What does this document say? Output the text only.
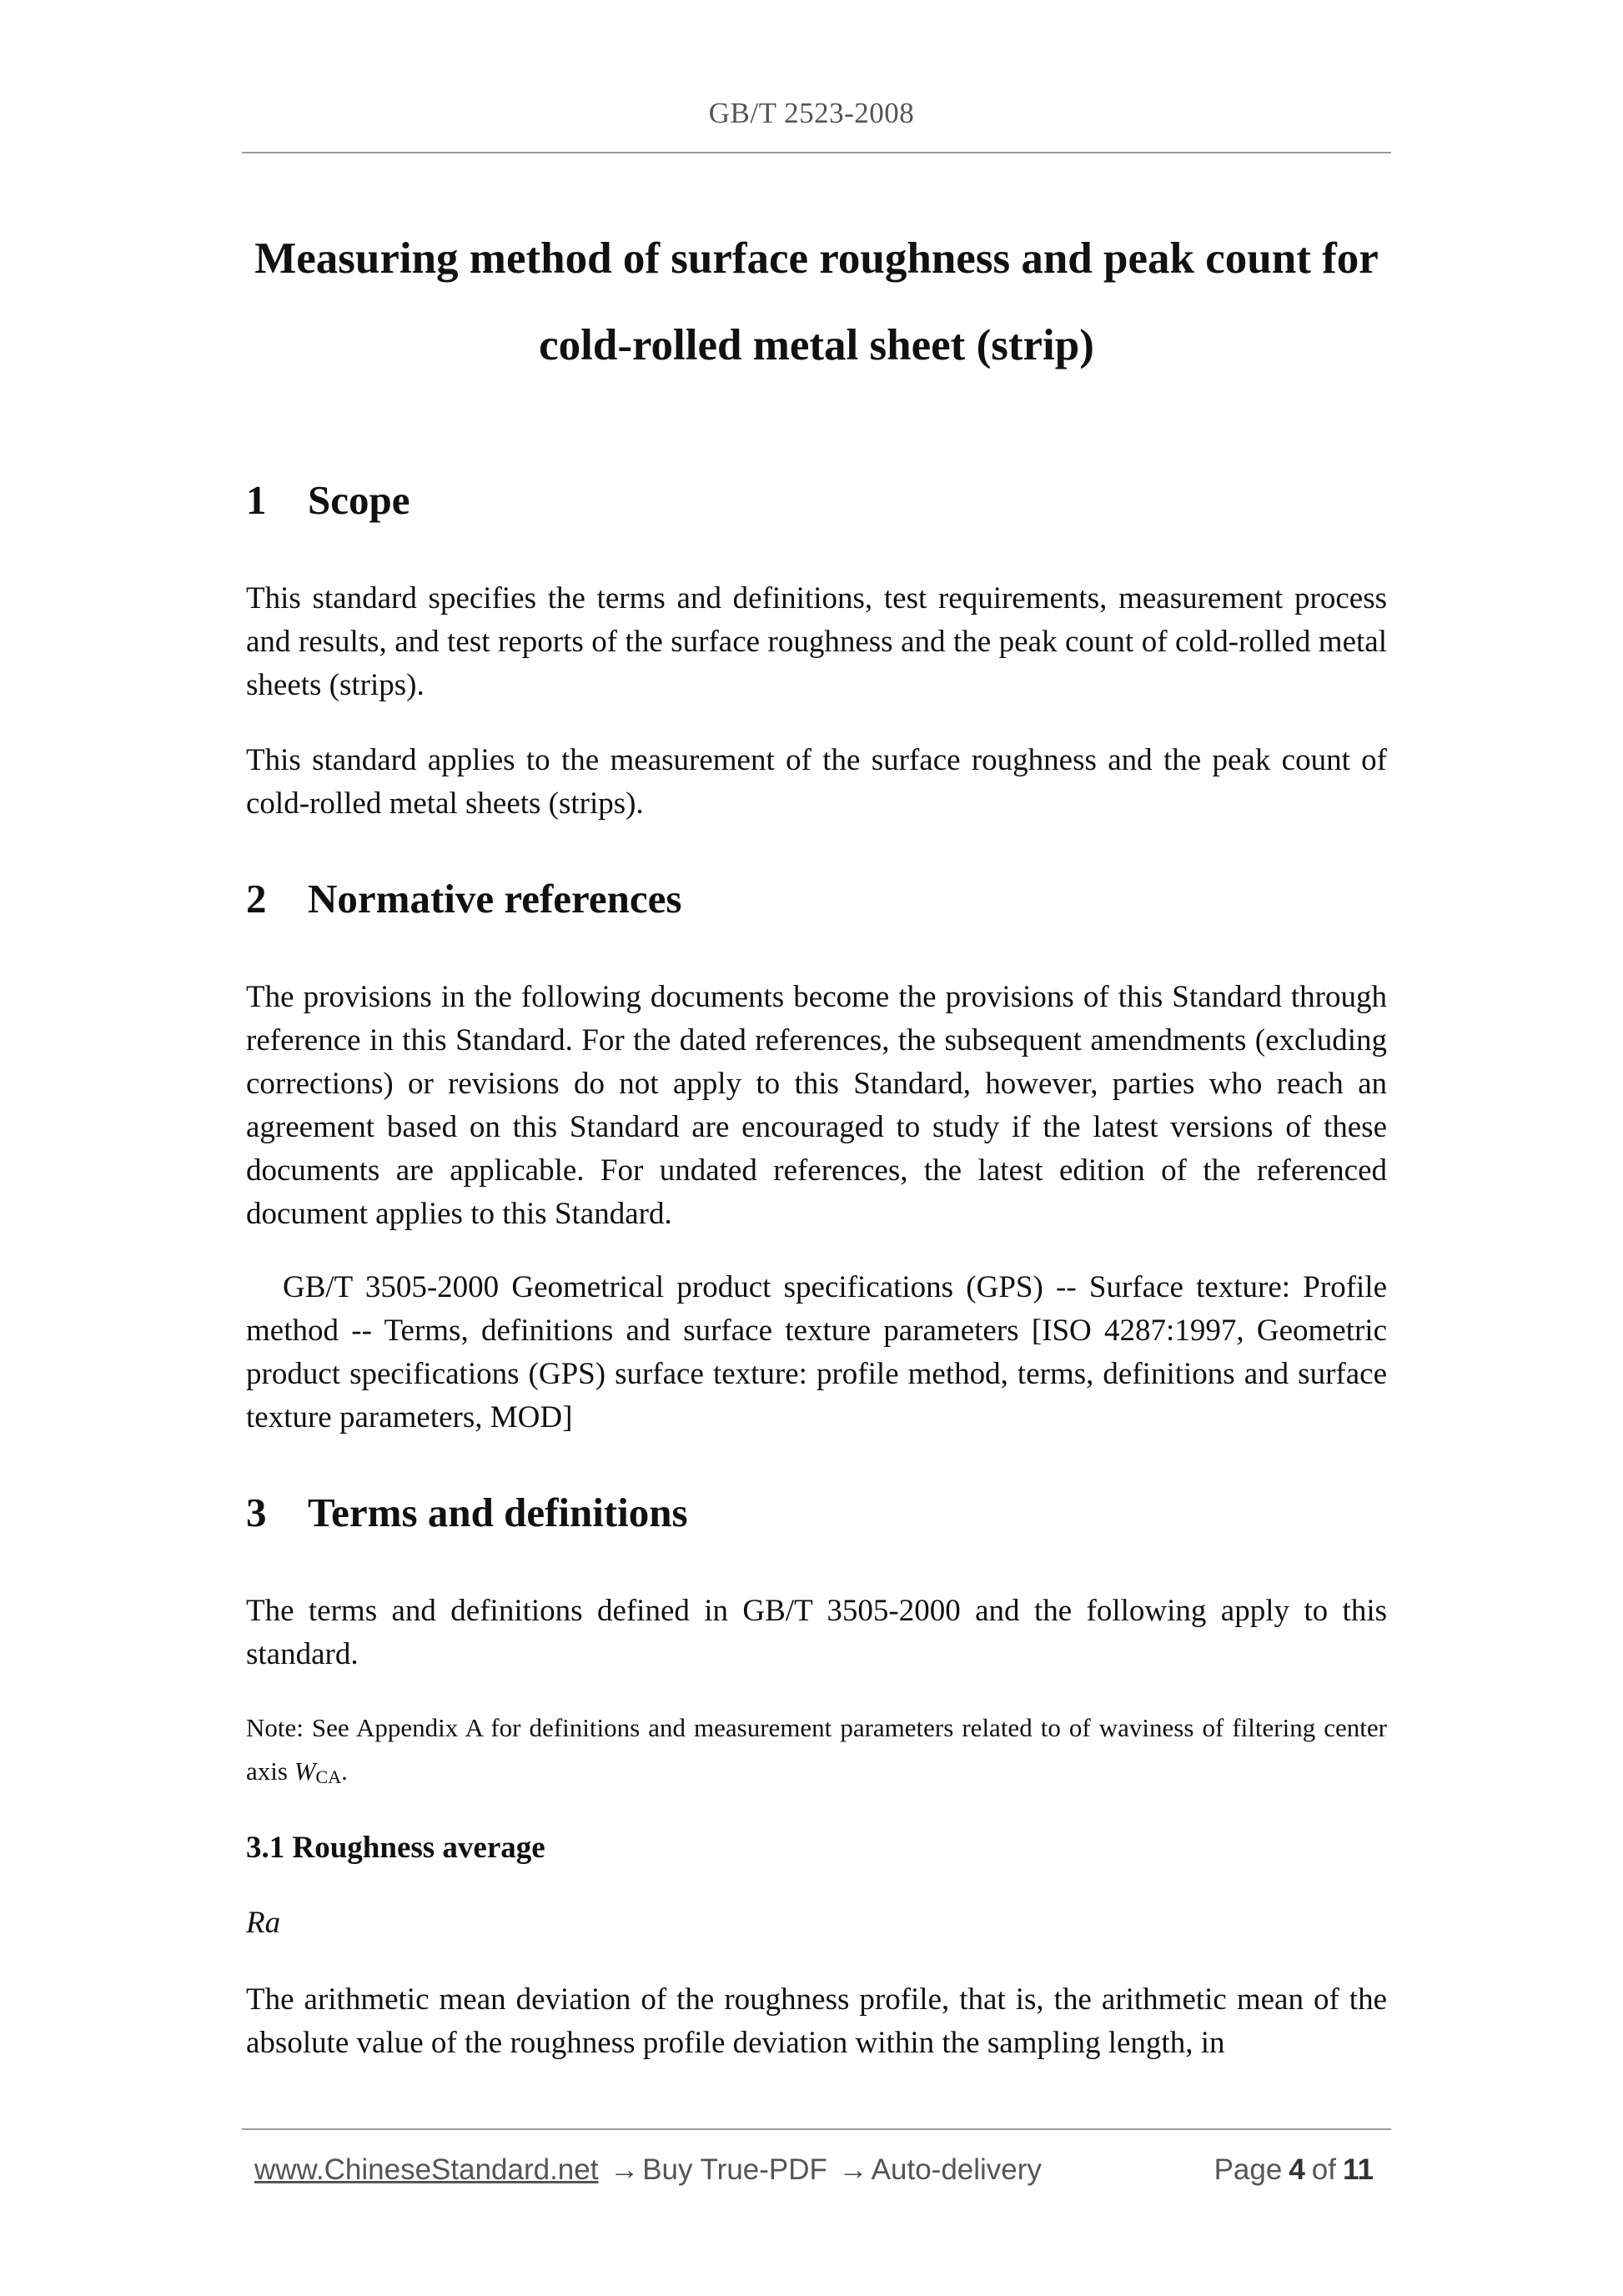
GB/T 2523-2008
Measuring method of surface roughness and peak count for
cold-rolled metal sheet (strip)
1 Scope
This standard specifies the terms and definitions, test requirements, measurement process and results, and test reports of the surface roughness and the peak count of cold-rolled metal sheets (strips).
This standard applies to the measurement of the surface roughness and the peak count of cold-rolled metal sheets (strips).
2 Normative references
The provisions in the following documents become the provisions of this Standard through reference in this Standard. For the dated references, the subsequent amendments (excluding corrections) or revisions do not apply to this Standard, however, parties who reach an agreement based on this Standard are encouraged to study if the latest versions of these documents are applicable. For undated references, the latest edition of the referenced document applies to this Standard.
GB/T 3505-2000 Geometrical product specifications (GPS) -- Surface texture: Profile method -- Terms, definitions and surface texture parameters [ISO 4287:1997, Geometric product specifications (GPS) surface texture: profile method, terms, definitions and surface texture parameters, MOD]
3 Terms and definitions
The terms and definitions defined in GB/T 3505-2000 and the following apply to this standard.
Note: See Appendix A for definitions and measurement parameters related to of waviness of filtering center axis $W_{CA}$.
3.1 Roughness average
Ra
The arithmetic mean deviation of the roughness profile, that is, the arithmetic mean of the absolute value of the roughness profile deviation within the sampling length, in
www.ChineseStandard.net → Buy True-PDF → Auto-delivery	Page 4 of 11
